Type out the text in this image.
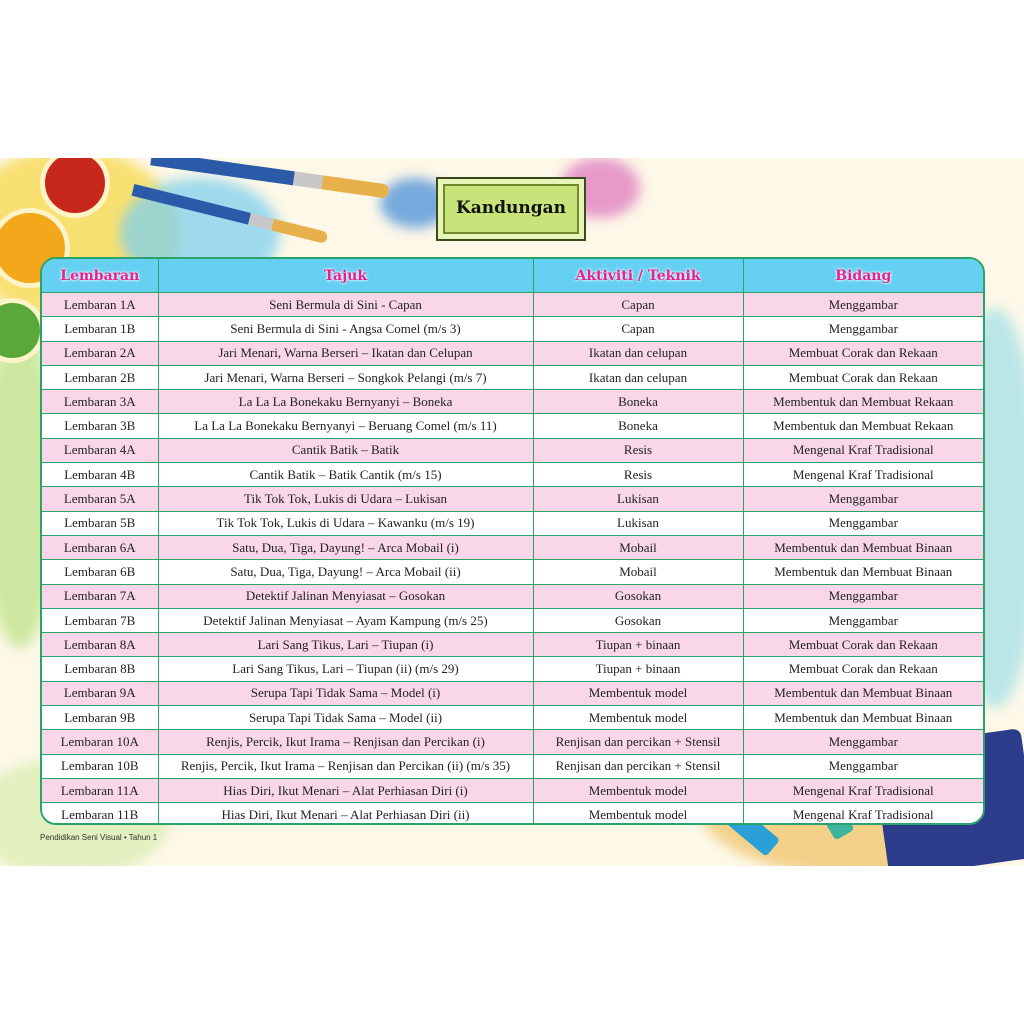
Kandungan
Lembaran	Tajuk	Aktiviti / Teknik	Bidang
Lembaran 1A	Seni Bermula di Sini - Capan	Capan	Menggambar
Lembaran 1B	Seni Bermula di Sini - Angsa Comel (m/s 3)	Capan	Menggambar
Lembaran 2A	Jari Menari, Warna Berseri – Ikatan dan Celupan	Ikatan dan celupan	Membuat Corak dan Rekaan
Lembaran 2B	Jari Menari, Warna Berseri – Songkok Pelangi (m/s 7)	Ikatan dan celupan	Membuat Corak dan Rekaan
Lembaran 3A	La La La Bonekaku Bernyanyi – Boneka	Boneka	Membentuk dan Membuat Rekaan
Lembaran 3B	La La La Bonekaku Bernyanyi – Beruang Comel (m/s 11)	Boneka	Membentuk dan Membuat Rekaan
Lembaran 4A	Cantik Batik – Batik	Resis	Mengenal Kraf Tradisional
Lembaran 4B	Cantik Batik – Batik Cantik (m/s 15)	Resis	Mengenal Kraf Tradisional
Lembaran 5A	Tik Tok Tok, Lukis di Udara – Lukisan	Lukisan	Menggambar
Lembaran 5B	Tik Tok Tok, Lukis di Udara – Kawanku (m/s 19)	Lukisan	Menggambar
Lembaran 6A	Satu, Dua, Tiga, Dayung! – Arca Mobail (i)	Mobail	Membentuk dan Membuat Binaan
Lembaran 6B	Satu, Dua, Tiga, Dayung! – Arca Mobail (ii)	Mobail	Membentuk dan Membuat Binaan
Lembaran 7A	Detektif Jalinan Menyiasat – Gosokan	Gosokan	Menggambar
Lembaran 7B	Detektif Jalinan Menyiasat – Ayam Kampung (m/s 25)	Gosokan	Menggambar
Lembaran 8A	Lari Sang Tikus, Lari – Tiupan (i)	Tiupan + binaan	Membuat Corak dan Rekaan
Lembaran 8B	Lari Sang Tikus, Lari – Tiupan (ii) (m/s 29)	Tiupan + binaan	Membuat Corak dan Rekaan
Lembaran 9A	Serupa Tapi Tidak Sama – Model (i)	Membentuk model	Membentuk dan Membuat Binaan
Lembaran 9B	Serupa Tapi Tidak Sama – Model (ii)	Membentuk model	Membentuk dan Membuat Binaan
Lembaran 10A	Renjis, Percik, Ikut Irama – Renjisan dan Percikan (i)	Renjisan dan percikan + Stensil	Menggambar
Lembaran 10B	Renjis, Percik, Ikut Irama – Renjisan dan Percikan (ii) (m/s 35)	Renjisan dan percikan + Stensil	Menggambar
Lembaran 11A	Hias Diri, Ikut Menari – Alat Perhiasan Diri (i)	Membentuk model	Mengenal Kraf Tradisional
Lembaran 11B	Hias Diri, Ikut Menari – Alat Perhiasan Diri (ii)	Membentuk model	Mengenal Kraf Tradisional
Pendidikan Seni Visual • Tahun 1
